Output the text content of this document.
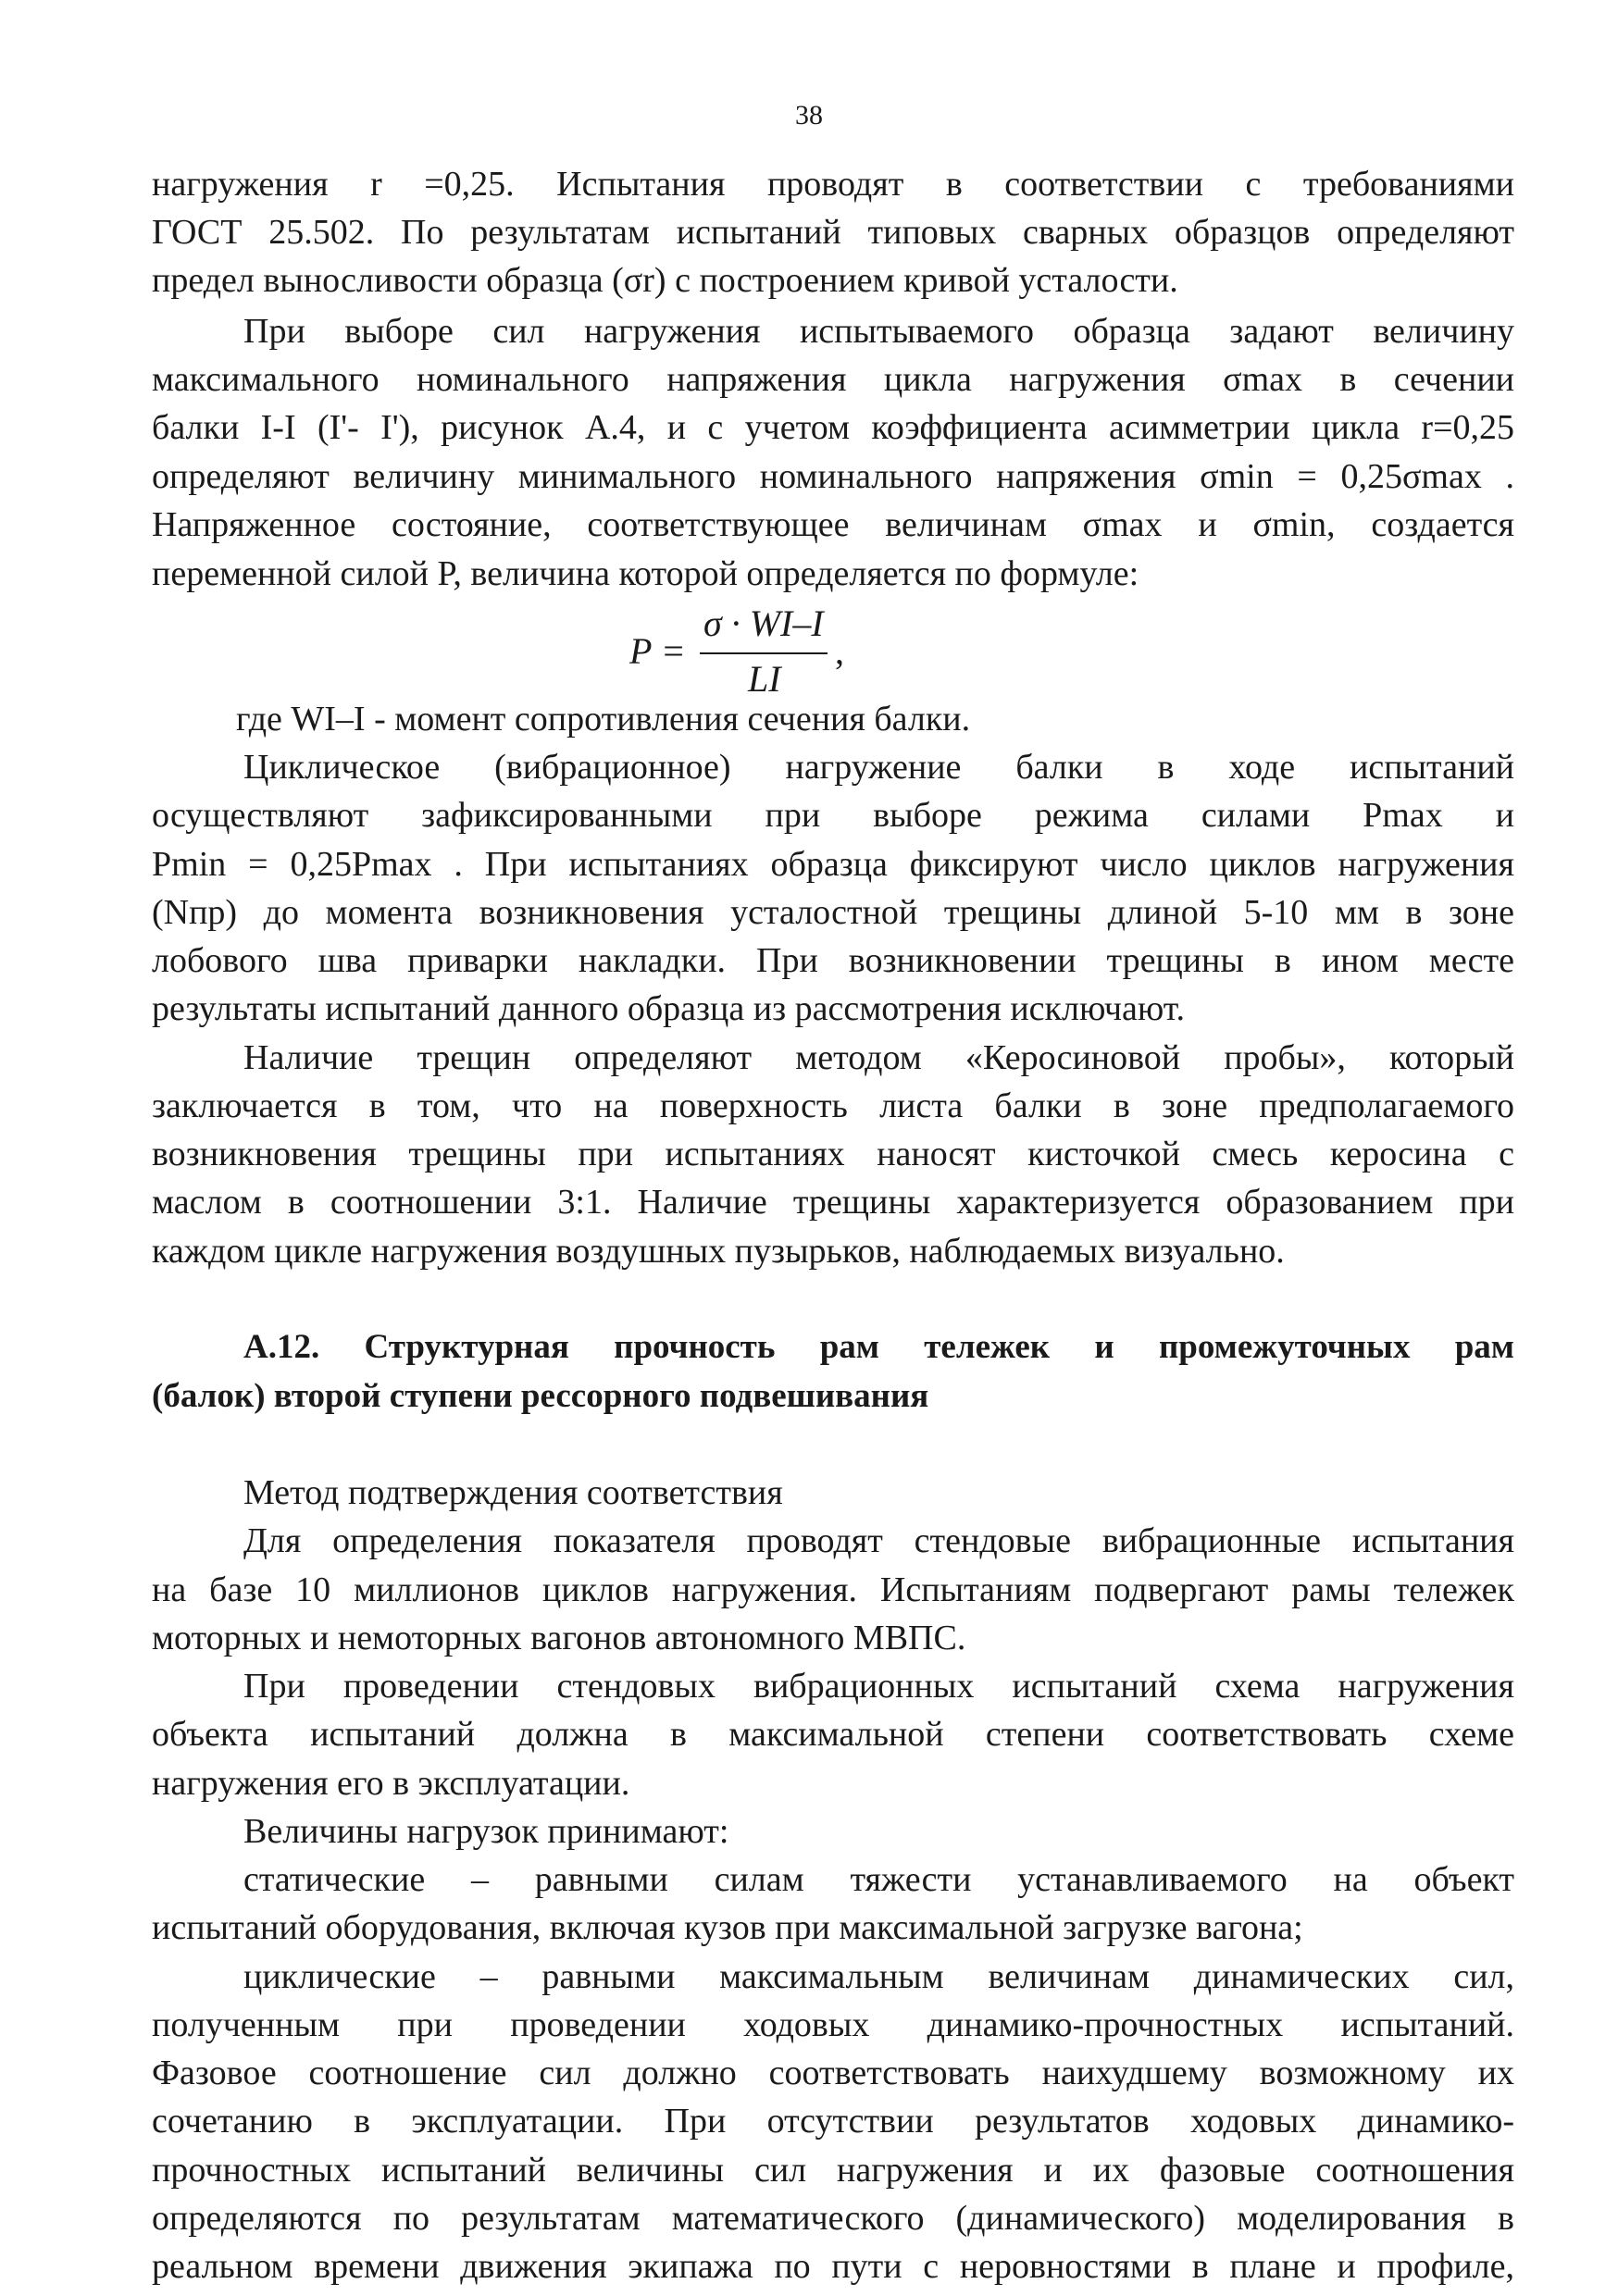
38
нагружения r =0,25. Испытания проводят в соответствии с требованиями
ГОСТ 25.502. По результатам испытаний типовых сварных образцов определяют
предел выносливости образца (σr) с построением кривой усталости.
При выборе сил нагружения испытываемого образца задают величину
максимального номинального напряжения цикла нагружения σmax в сечении
балки I-I (I'- I'), рисунок А.4, и с учетом коэффициента асимметрии цикла r=0,25
определяют величину минимального номинального напряжения σmin = 0,25σmax .
Напряженное состояние, соответствующее величинам σmax и σmin, создается
переменной силой P, величина которой определяется по формуле:
где WI–I - момент сопротивления сечения балки.
Циклическое (вибрационное) нагружение балки в ходе испытаний
осуществляют зафиксированными при выборе режима силами Pmax и
Pmin = 0,25Pmax . При испытаниях образца фиксируют число циклов нагружения
(Nпр) до момента возникновения усталостной трещины длиной 5-10 мм в зоне
лобового шва приварки накладки. При возникновении трещины в ином месте
результаты испытаний данного образца из рассмотрения исключают.
Наличие трещин определяют методом «Керосиновой пробы», который
заключается в том, что на поверхность листа балки в зоне предполагаемого
возникновения трещины при испытаниях наносят кисточкой смесь керосина с
маслом в соотношении 3:1. Наличие трещины характеризуется образованием при
каждом цикле нагружения воздушных пузырьков, наблюдаемых визуально.
А.12. Структурная прочность рам тележек и промежуточных рам
(балок) второй ступени рессорного подвешивания
Метод подтверждения соответствия
Для определения показателя проводят стендовые вибрационные испытания
на базе 10 миллионов циклов нагружения. Испытаниям подвергают рамы тележек
моторных и немоторных вагонов автономного МВПС.
При проведении стендовых вибрационных испытаний схема нагружения
объекта испытаний должна в максимальной степени соответствовать схеме
нагружения его в эксплуатации.
Величины нагрузок принимают:
статические – равными силам тяжести устанавливаемого на объект
испытаний оборудования, включая кузов при максимальной загрузке вагона;
циклические – равными максимальным величинам динамических сил,
полученным при проведении ходовых динамико-прочностных испытаний.
Фазовое соотношение сил должно соответствовать наихудшему возможному их
сочетанию в эксплуатации. При отсутствии результатов ходовых динамико-
прочностных испытаний величины сил нагружения и их фазовые соотношения
определяются по результатам математического (динамического) моделирования в
реальном времени движения экипажа по пути с неровностями в плане и профиле,
P =
σ · WI–I
LI
,
